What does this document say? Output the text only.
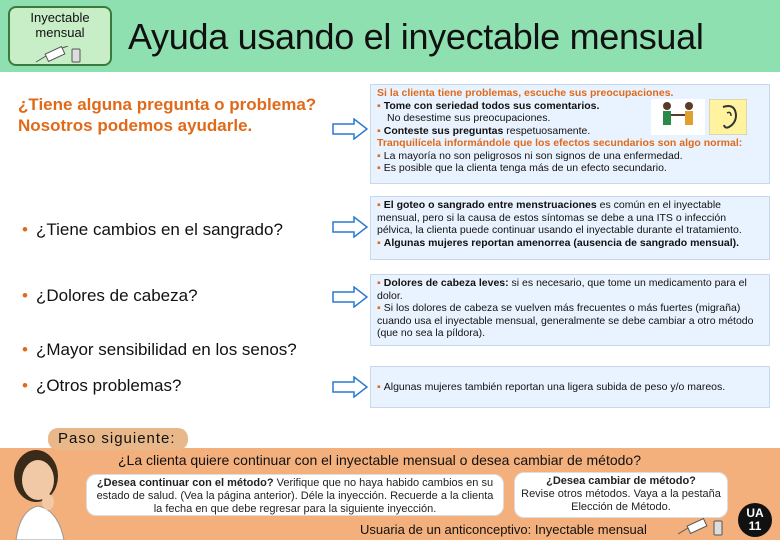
Inyectable
mensual	Ayuda usando el inyectable mensual
¿Tiene alguna pregunta o problema? Nosotros podemos ayudarle.
Si la clienta tiene problemas, escuche sus preocupaciones.
▪ Tome con seriedad todos sus comentarios.
No desestime sus preocupaciones.
▪ Conteste sus preguntas respetuosamente.
Tranquilícela informándole que los efectos secundarios son algo normal:
▪ La mayoría no son peligrosos ni son signos de una enfermedad.
▪ Es posible que la clienta tenga más de un efecto secundario.
• ¿Tiene cambios en el sangrado?
▪ El goteo o sangrado entre menstruaciones es común en el inyectable mensual, pero si la causa de estos síntomas se debe a una ITS o infección pélvica, la clienta puede continuar usando el inyectable durante el tratamiento.
▪ Algunas mujeres reportan amenorrea (ausencia de sangrado mensual).
• ¿Dolores de cabeza?
• ¿Mayor sensibilidad en los senos?
▪ Dolores de cabeza leves: si es necesario, que tome un medicamento para el dolor.
▪ Si los dolores de cabeza se vuelven más frecuentes o más fuertes (migraña) cuando usa el inyectable mensual, generalmente se debe cambiar a otro método (que no sea la píldora).
• ¿Otros problemas?	▪ Algunas mujeres también reportan una ligera subida de peso y/o mareos.
Paso siguiente:
¿La clienta quiere continuar con el inyectable mensual o desea cambiar de método?
¿Desea continuar con el método? Verifique que no haya habido cambios en su estado de salud. (Vea la página anterior). Déle la inyección. Recuerde a la clienta la fecha en que debe regresar para la siguiente inyección.
¿Desea cambiar de método?
Revise otros métodos. Vaya a la pestaña Elección de Método.
Usuaria de un anticonceptivo: Inyectable mensual
UA
11
